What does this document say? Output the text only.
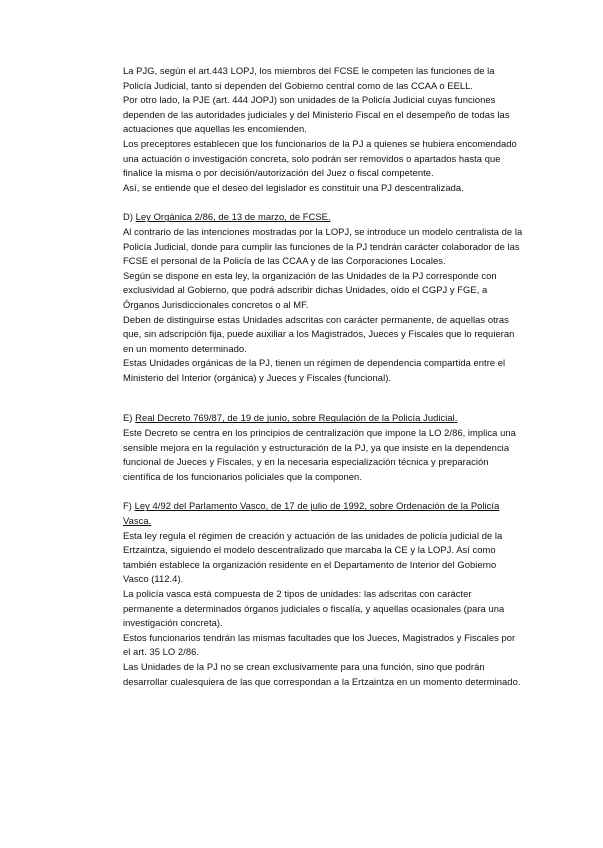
La PJG, según el art.443 LOPJ, los miembros del FCSE le competen las funciones de la Policía Judicial, tanto si dependen del Gobierno central como de las CCAA o EELL.

Por otro lado, la PJE (art. 444 JOPJ) son unidades de la Policía Judicial cuyas funciones dependen de las autoridades judiciales y del Ministerio Fiscal en el desempeño de todas las actuaciones que aquellas les encomienden.

Los preceptores establecen que los funcionarios de la PJ a quienes se hubiera encomendado una actuación o investigación concreta, solo podrán ser removidos o apartados hasta que finalice la misma o por decisión/autorización del Juez o fiscal competente.

Así, se entiende que el deseo del legislador es constituir una PJ descentralizada.

D) Ley Orgánica 2/86, de 13 de marzo, de FCSE.

Al contrario de las intenciones mostradas por la LOPJ, se introduce un modelo centralista de la Policía Judicial, donde para cumplir las funciones de la PJ tendrán carácter colaborador de las FCSE el personal de la Policía de las CCAA y de las Corporaciones Locales.

Según se dispone en esta ley, la organización de las Unidades de la PJ corresponde con exclusividad al Gobierno, que podrá adscribir dichas Unidades, oído el CGPJ y FGE, a Órganos Jurisdiccionales concretos o al MF.

Deben de distinguirse estas Unidades adscritas con carácter permanente, de aquellas otras que, sin adscripción fija, puede auxiliar a los Magistrados, Jueces y Fiscales que lo requieran en un momento determinado.

Estas Unidades orgánicas de la PJ, tienen un régimen de dependencia compartida entre el Ministerio del Interior (orgánica) y Jueces y Fiscales (funcional).

E) Real Decreto 769/87, de 19 de junio, sobre Regulación de la Policía Judicial.

Este Decreto se centra en los principios de centralización que impone la LO 2/86, implica una sensible mejora en la regulación y estructuración de la PJ, ya que insiste en la dependencia funcional de Jueces y Fiscales, y en la necesaria especialización técnica y preparación científica de los funcionarios policiales que la componen.

F) Ley 4/92 del Parlamento Vasco, de 17 de julio de 1992, sobre Ordenación de la Policía Vasca.

Esta ley regula el régimen de creación y actuación de las unidades de policía judicial de la Ertzaintza, siguiendo el modelo descentralizado que marcaba la CE y la LOPJ. Así como también establece la organización residente en el Departamento de Interior del Gobierno Vasco (112.4).

La policía vasca está compuesta de 2 tipos de unidades: las adscritas con carácter permanente a determinados órganos judiciales o fiscalía, y aquellas ocasionales (para una investigación concreta).

Estos funcionarios tendrán las mismas facultades que los Jueces, Magistrados y Fiscales por el art. 35 LO 2/86.

Las Unidades de la PJ no se crean exclusivamente para una función, sino que podrán desarrollar cualesquiera de las que correspondan a la Ertzaintza en un momento determinado.
